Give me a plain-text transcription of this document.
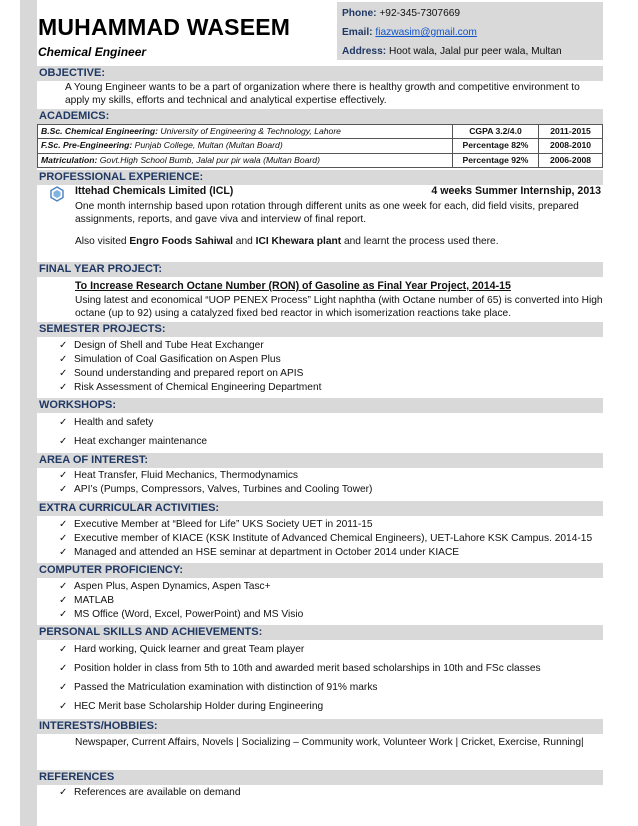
MUHAMMAD WASEEM
Chemical Engineer
Phone: +92-345-7307669
Email: fiazwasim@gmail.com
Address: Hoot wala, Jalal pur peer wala, Multan
OBJECTIVE:
A Young Engineer wants to be a part of organization where there is healthy growth and competitive environment to apply my skills, efforts and technical and analytical expertise effectively.
ACADEMICS:
B.Sc. Chemical Engineering: University of Engineering & Technology, Lahore	CGPA 3.2/4.0	2011-2015
F.Sc. Pre-Engineering: Punjab College, Multan (Multan Board)	Percentage 82%	2008-2010
Matriculation: Govt.High School Bumb, Jalal pur pir wala (Multan Board)	Percentage 92%	2006-2008
PROFESSIONAL EXPERIENCE:
Ittehad Chemicals Limited (ICL)	4 weeks Summer Internship, 2013
One month internship based upon rotation through different units as one week for each, did field visits, prepared assignments, reports, and gave viva and interview of final report.
Also visited Engro Foods Sahiwal and ICI Khewara plant and learnt the process used there.
FINAL YEAR PROJECT:
To Increase Research Octane Number (RON) of Gasoline as Final Year Project, 2014-15
Using latest and economical “UOP PENEX Process” Light naphtha (with Octane number of 65) is converted into High octane (up to 92) using a catalyzed fixed bed reactor in which isomerization reactions take place.
SEMESTER PROJECTS:
✓ Design of Shell and Tube Heat Exchanger
✓ Simulation of Coal Gasification on Aspen Plus
✓ Sound understanding and prepared report on APIS
✓ Risk Assessment of Chemical Engineering Department
WORKSHOPS:
✓ Health and safety
✓ Heat exchanger maintenance
AREA OF INTEREST:
✓ Heat Transfer, Fluid Mechanics, Thermodynamics
✓ API’s (Pumps, Compressors, Valves, Turbines and Cooling Tower)
EXTRA CURRICULAR ACTIVITIES:
✓ Executive Member at “Bleed for Life” UKS Society UET in 2011-15
✓ Executive member of KIACE (KSK Institute of Advanced Chemical Engineers), UET-Lahore KSK Campus. 2014-15
✓ Managed and attended an HSE seminar at department in October 2014 under KIACE
COMPUTER PROFICIENCY:
✓ Aspen Plus, Aspen Dynamics, Aspen Tasc+
✓ MATLAB
✓ MS Office (Word, Excel, PowerPoint) and MS Visio
PERSONAL SKILLS AND ACHIEVEMENTS:
✓ Hard working, Quick learner and great Team player
✓ Position holder in class from 5th to 10th and awarded merit based scholarships in 10th and FSc classes
✓ Passed the Matriculation examination with distinction of 91% marks
✓ HEC Merit base Scholarship Holder during Engineering
INTERESTS/HOBBIES:
Newspaper, Current Affairs, Novels | Socializing – Community work, Volunteer Work | Cricket, Exercise, Running|
REFERENCES
✓ References are available on demand
